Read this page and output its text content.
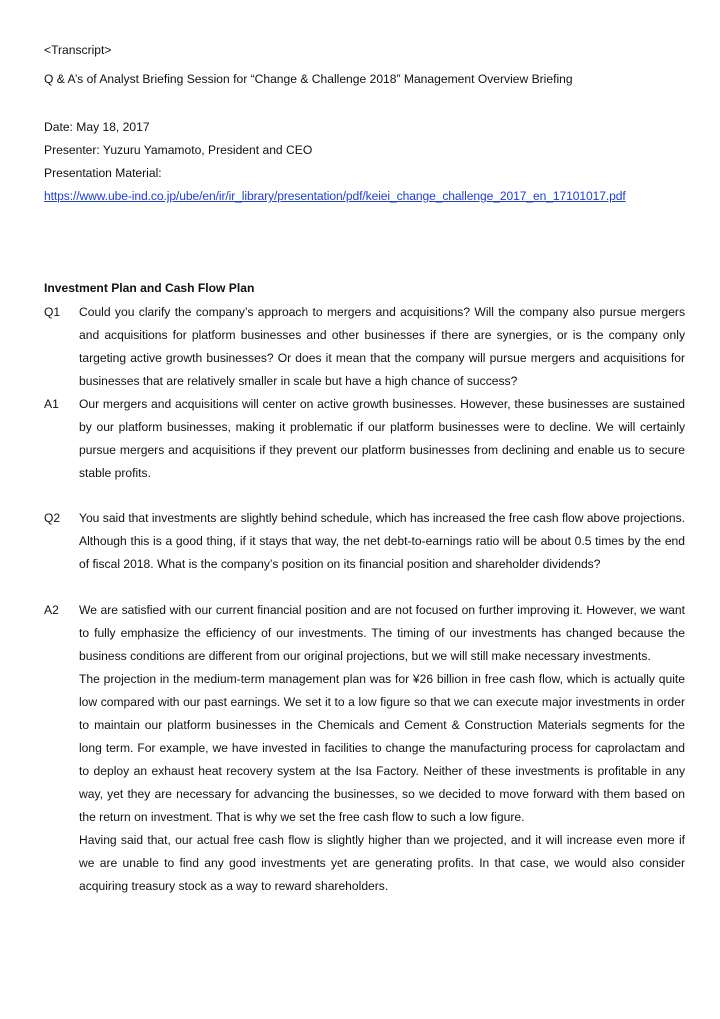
<Transcript>
Q & A’s of Analyst Briefing Session for “Change & Challenge 2018” Management Overview Briefing
Date: May 18, 2017
Presenter: Yuzuru Yamamoto, President and CEO
Presentation Material:
https://www.ube-ind.co.jp/ube/en/ir/ir_library/presentation/pdf/keiei_change_challenge_2017_en_17101017.pdf
Investment Plan and Cash Flow Plan
Q1 Could you clarify the company’s approach to mergers and acquisitions? Will the company also pursue mergers and acquisitions for platform businesses and other businesses if there are synergies, or is the company only targeting active growth businesses? Or does it mean that the company will pursue mergers and acquisitions for businesses that are relatively smaller in scale but have a high chance of success?

A1 Our mergers and acquisitions will center on active growth businesses. However, these businesses are sustained by our platform businesses, making it problematic if our platform businesses were to decline. We will certainly pursue mergers and acquisitions if they prevent our platform businesses from declining and enable us to secure stable profits.

Q2 You said that investments are slightly behind schedule, which has increased the free cash flow above projections. Although this is a good thing, if it stays that way, the net debt-to-earnings ratio will be about 0.5 times by the end of fiscal 2018. What is the company’s position on its financial position and shareholder dividends?

A2 We are satisfied with our current financial position and are not focused on further improving it. However, we want to fully emphasize the efficiency of our investments. The timing of our investments has changed because the business conditions are different from our original projections, but we will still make necessary investments.

The projection in the medium-term management plan was for ¥26 billion in free cash flow, which is actually quite low compared with our past earnings. We set it to a low figure so that we can execute major investments in order to maintain our platform businesses in the Chemicals and Cement & Construction Materials segments for the long term. For example, we have invested in facilities to change the manufacturing process for caprolactam and to deploy an exhaust heat recovery system at the Isa Factory. Neither of these investments is profitable in any way, yet they are necessary for advancing the businesses, so we decided to move forward with them based on the return on investment. That is why we set the free cash flow to such a low figure.

Having said that, our actual free cash flow is slightly higher than we projected, and it will increase even more if we are unable to find any good investments yet are generating profits. In that case, we would also consider acquiring treasury stock as a way to reward shareholders.
